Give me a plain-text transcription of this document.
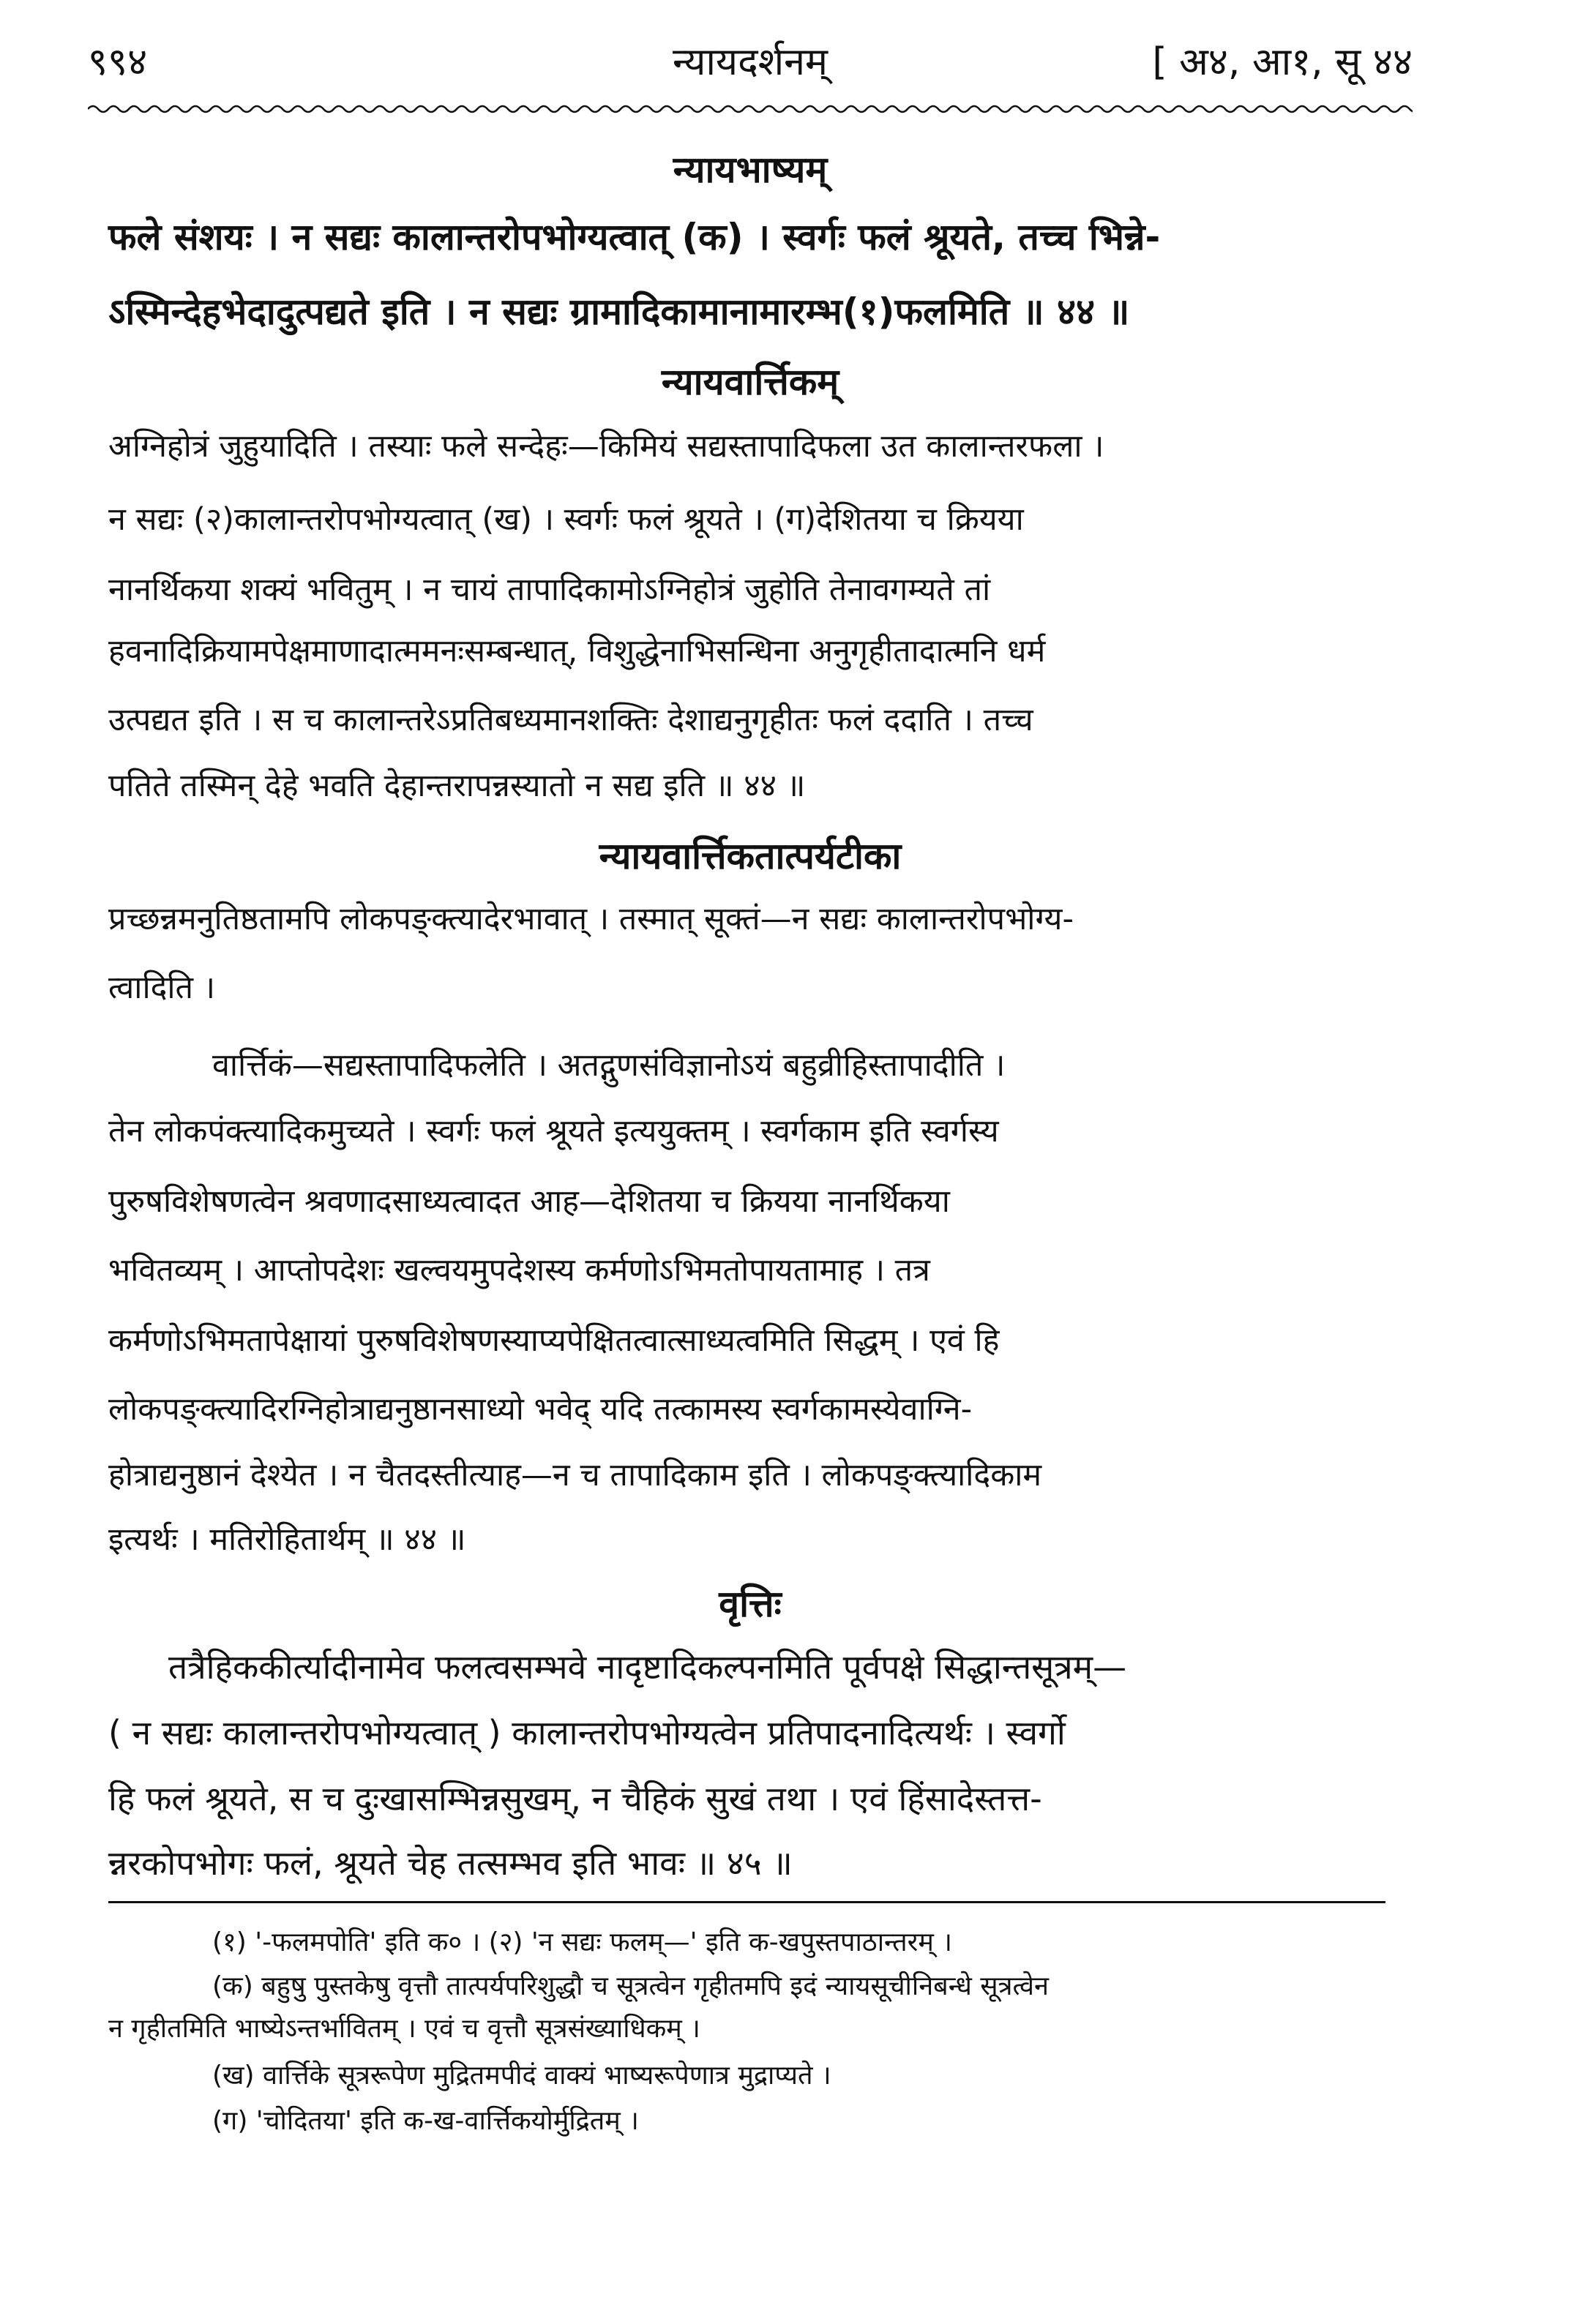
९९४	न्यायदर्शनम्	[ अ४, आ१, सू ४४
न्यायभाष्यम्
फले संशयः । न सद्यः कालान्तरोपभोग्यत्वात् (क) । स्वर्गः फलं श्रूयते, तच्च भिन्ने-
ऽस्मिन्देहभेदादुत्पद्यते इति । न सद्यः ग्रामादिकामानामारम्भ(१)फलमिति ॥ ४४ ॥
न्यायवार्त्तिकम्
अग्निहोत्रं जुहुयादिति । तस्याः फले सन्देहः—किमियं सद्यस्तापादिफला उत कालान्तरफला ।
न सद्यः (२)कालान्तरोपभोग्यत्वात् (ख) । स्वर्गः फलं श्रूयते । (ग)देशितया च क्रियया
नानर्थिकया शक्यं भवितुम् । न चायं तापादिकामोऽग्निहोत्रं जुहोति तेनावगम्यते तां
हवनादिक्रियामपेक्षमाणादात्ममनःसम्बन्धात्, विशुद्धेनाभिसन्धिना अनुगृहीतादात्मनि धर्म
उत्पद्यत इति । स च कालान्तरेऽप्रतिबध्यमानशक्तिः देशाद्यनुगृहीतः फलं ददाति । तच्च
पतिते तस्मिन् देहे भवति देहान्तरापन्नस्यातो न सद्य इति ॥ ४४ ॥
न्यायवार्त्तिकतात्पर्यटीका
प्रच्छन्नमनुतिष्ठतामपि लोकपङ्क्त्यादेरभावात् । तस्मात् सूक्तं—न सद्यः कालान्तरोपभोग्य-
त्वादिति ।
वार्त्तिकं—सद्यस्तापादिफलेति । अतद्गुणसंविज्ञानोऽयं बहुव्रीहिस्तापादीति ।
तेन लोकपंक्त्यादिकमुच्यते । स्वर्गः फलं श्रूयते इत्ययुक्तम् । स्वर्गकाम इति स्वर्गस्य
पुरुषविशेषणत्वेन श्रवणादसाध्यत्वादत आह—देशितया च क्रियया नानर्थिकया
भवितव्यम् । आप्तोपदेशः खल्वयमुपदेशस्य कर्मणोऽभिमतोपायतामाह । तत्र
कर्मणोऽभिमतापेक्षायां पुरुषविशेषणस्याप्यपेक्षितत्वात्साध्यत्वमिति सिद्धम् । एवं हि
लोकपङ्क्त्यादिरग्निहोत्राद्यनुष्ठानसाध्यो भवेद् यदि तत्कामस्य स्वर्गकामस्येवाग्नि-
होत्राद्यनुष्ठानं देश्येत । न चैतदस्तीत्याह—न च तापादिकाम इति । लोकपङ्क्त्यादिकाम
इत्यर्थः । मतिरोहितार्थम् ॥ ४४ ॥
वृत्तिः
तत्रैहिककीर्त्यादीनामेव फलत्वसम्भवे नादृष्टादिकल्पनमिति पूर्वपक्षे सिद्धान्तसूत्रम्—
( न सद्यः कालान्तरोपभोग्यत्वात् ) कालान्तरोपभोग्यत्वेन प्रतिपादनादित्यर्थः । स्वर्गो
हि फलं श्रूयते, स च दुःखासम्भिन्नसुखम्, न चैहिकं सुखं तथा । एवं हिंसादेस्तत्त-
न्नरकोपभोगः फलं, श्रूयते चेह तत्सम्भव इति भावः ॥ ४५ ॥
(१) '-फलमपोति' इति क० । (२) 'न सद्यः फलम्—' इति क-खपुस्तपाठान्तरम् ।
(क) बहुषु पुस्तकेषु वृत्तौ तात्पर्यपरिशुद्धौ च सूत्रत्वेन गृहीतमपि इदं न्यायसूचीनिबन्धे सूत्रत्वेन
न गृहीतमिति भाष्येऽन्तर्भावितम् । एवं च वृत्तौ सूत्रसंख्याधिकम् ।
(ख) वार्त्तिके सूत्ररूपेण मुद्रितमपीदं वाक्यं भाष्यरूपेणात्र मुद्राप्यते ।
(ग) 'चोदितया' इति क-ख-वार्त्तिकयोर्मुद्रितम् ।
